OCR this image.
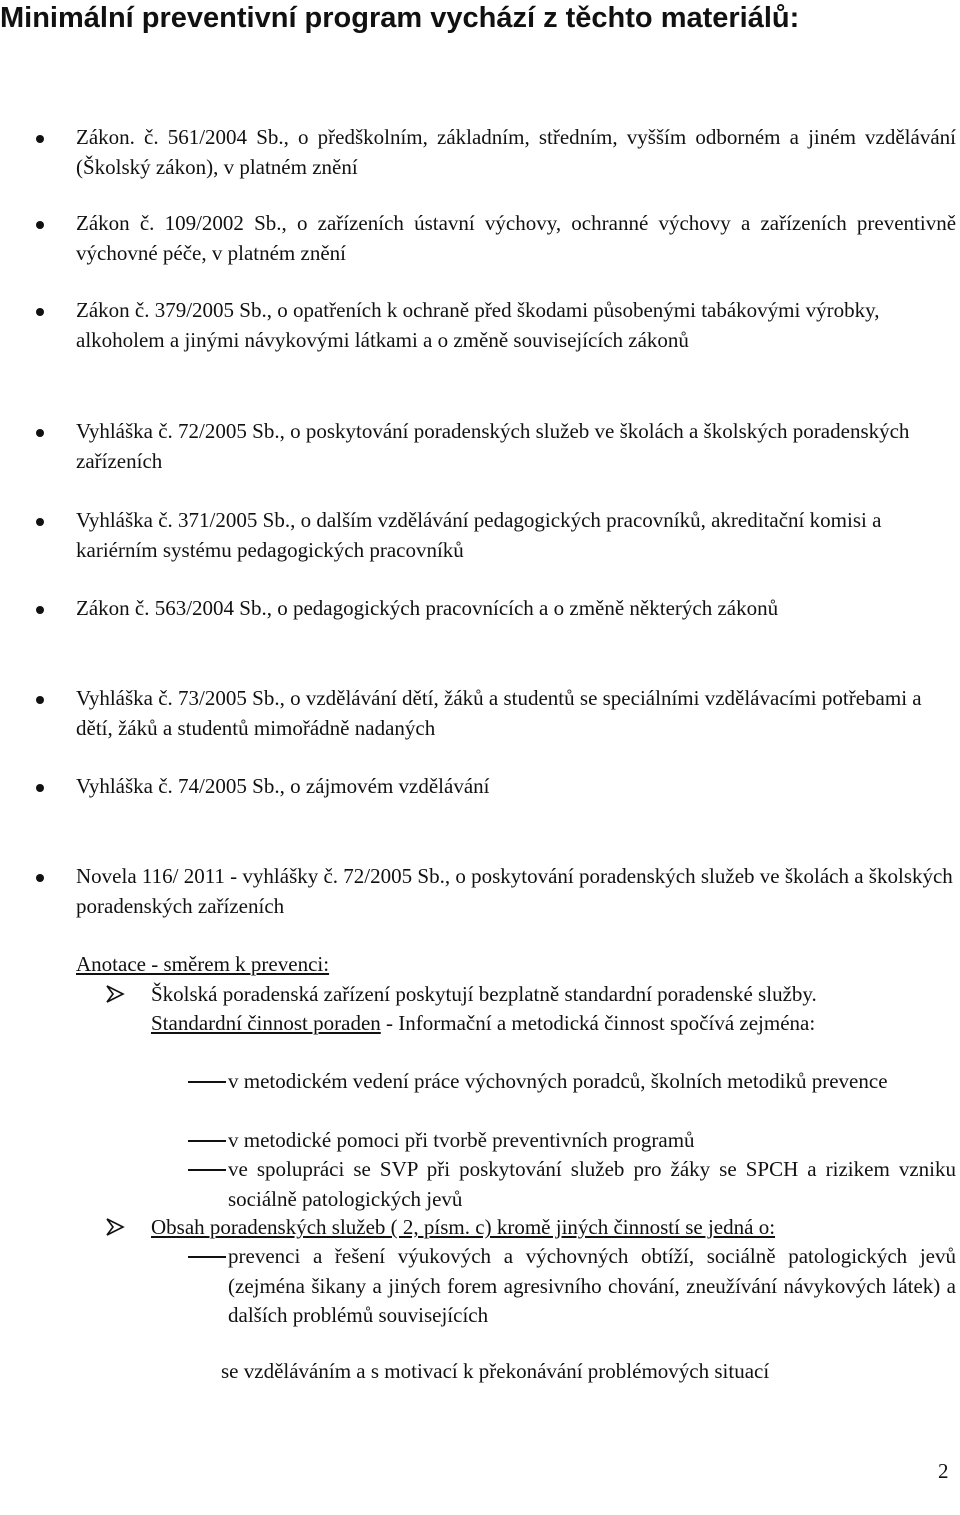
Minimální preventivní program vychází z těchto materiálů:
Zákon. č. 561/2004 Sb., o předškolním, základním, středním, vyšším odborném a jiném vzdělávání (Školský zákon), v platném znění
Zákon č. 109/2002 Sb., o zařízeních ústavní výchovy, ochranné výchovy a zařízeních preventivně výchovné péče, v platném znění
Zákon č. 379/2005 Sb., o opatřeních k ochraně před škodami působenými tabákovými výrobky, alkoholem a jinými návykovými látkami a o změně souvisejících zákonů
Vyhláška č. 72/2005 Sb., o poskytování poradenských služeb ve školách a školských poradenských zařízeních
Vyhláška č. 371/2005 Sb., o dalším vzdělávání pedagogických pracovníků, akreditační komisi a kariérním systému pedagogických pracovníků
Zákon č. 563/2004 Sb., o pedagogických pracovnících a o změně některých zákonů
Vyhláška č. 73/2005 Sb., o vzdělávání dětí, žáků a studentů se speciálními vzdělávacími potřebami a dětí, žáků a studentů mimořádně nadaných
Vyhláška č. 74/2005 Sb., o zájmovém vzdělávání
Novela 116/ 2011 - vyhlášky č. 72/2005 Sb., o poskytování poradenských služeb ve školách a školských poradenských zařízeních
Anotace - směrem k prevenci:
Školská poradenská zařízení poskytují bezplatně standardní poradenské služby.
Standardní činnost poraden - Informační a metodická činnost spočívá zejména:
v metodickém vedení práce výchovných poradců, školních metodiků prevence
v metodické pomoci při tvorbě preventivních programů
ve spolupráci se SVP při poskytování služeb pro žáky se SPCH a rizikem vzniku sociálně patologických jevů
Obsah poradenských služeb ( 2, písm. c) kromě jiných činností se jedná o:
prevenci a řešení výukových a výchovných obtíží, sociálně patologických jevů (zejména šikany a jiných forem agresivního chování, zneužívání návykových látek) a dalších problémů souvisejících
se vzděláváním a s motivací k překonávání problémových situací
2
